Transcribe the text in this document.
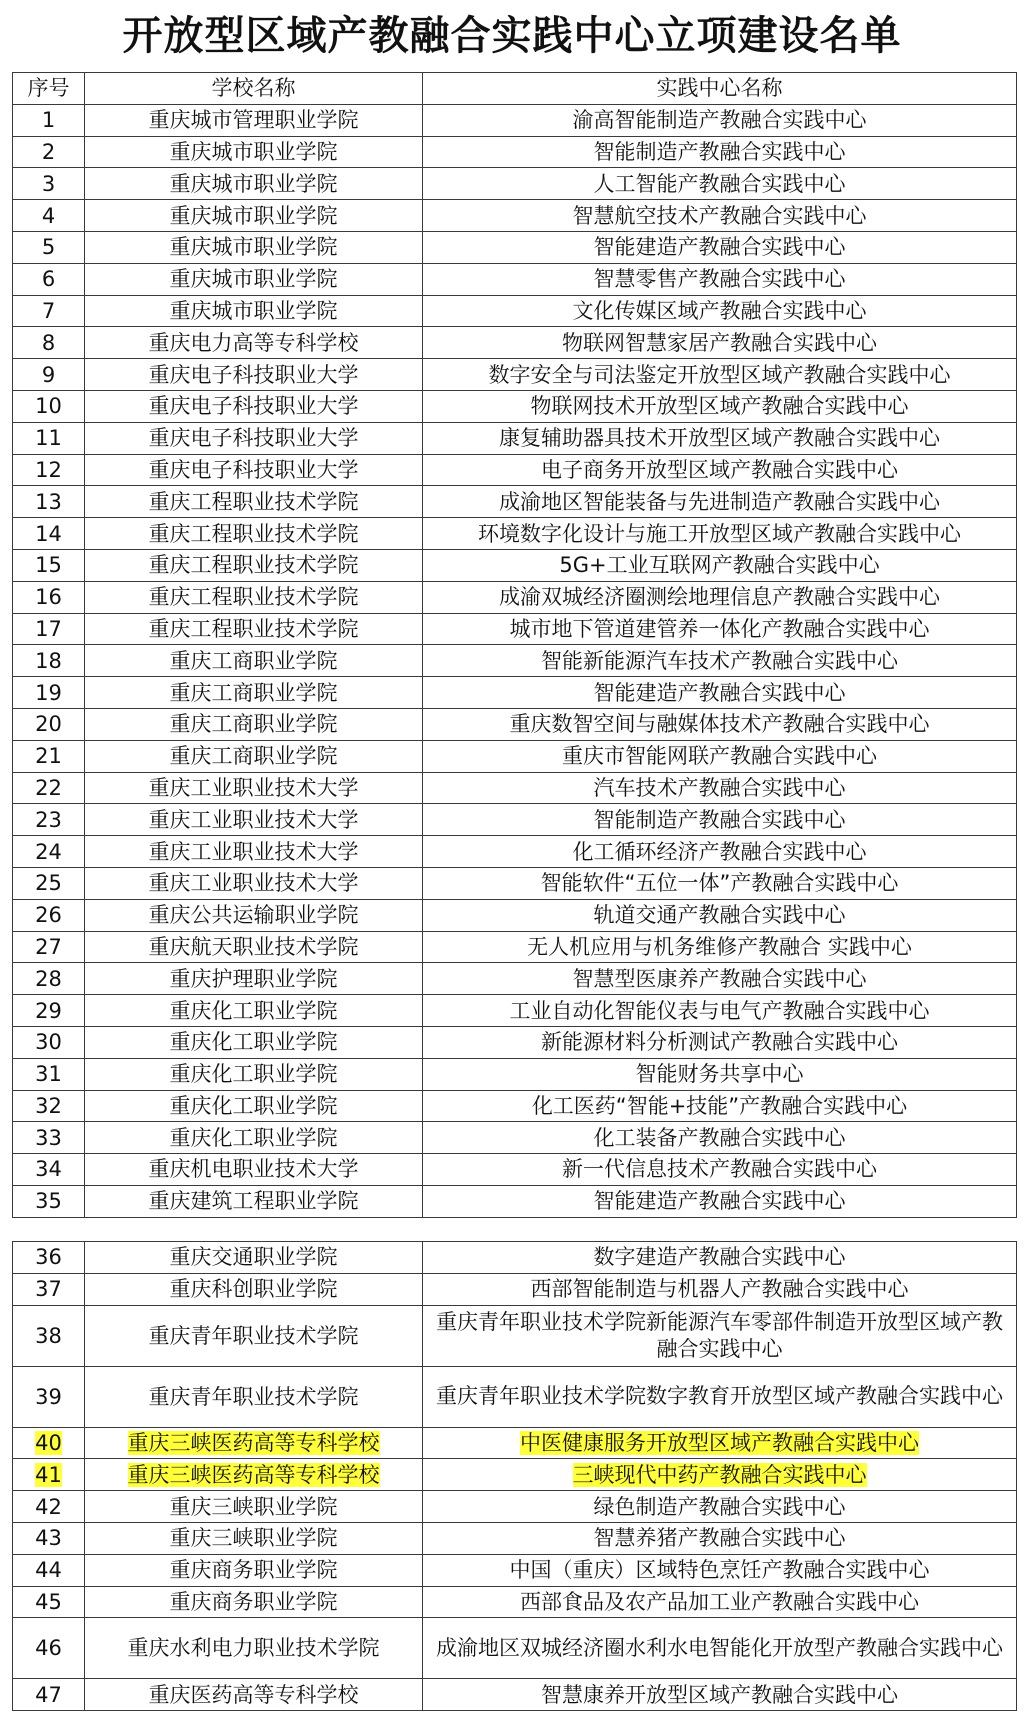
开放型区域产教融合实践中心立项建设名单
序号	学校名称	实践中心名称
1	重庆城市管理职业学院	渝高智能制造产教融合实践中心
2	重庆城市职业学院	智能制造产教融合实践中心
3	重庆城市职业学院	人工智能产教融合实践中心
4	重庆城市职业学院	智慧航空技术产教融合实践中心
5	重庆城市职业学院	智能建造产教融合实践中心
6	重庆城市职业学院	智慧零售产教融合实践中心
7	重庆城市职业学院	文化传媒区域产教融合实践中心
8	重庆电力高等专科学校	物联网智慧家居产教融合实践中心
9	重庆电子科技职业大学	数字安全与司法鉴定开放型区域产教融合实践中心
10	重庆电子科技职业大学	物联网技术开放型区域产教融合实践中心
11	重庆电子科技职业大学	康复辅助器具技术开放型区域产教融合实践中心
12	重庆电子科技职业大学	电子商务开放型区域产教融合实践中心
13	重庆工程职业技术学院	成渝地区智能装备与先进制造产教融合实践中心
14	重庆工程职业技术学院	环境数字化设计与施工开放型区域产教融合实践中心
15	重庆工程职业技术学院	5G+工业互联网产教融合实践中心
16	重庆工程职业技术学院	成渝双城经济圈测绘地理信息产教融合实践中心
17	重庆工程职业技术学院	城市地下管道建管养一体化产教融合实践中心
18	重庆工商职业学院	智能新能源汽车技术产教融合实践中心
19	重庆工商职业学院	智能建造产教融合实践中心
20	重庆工商职业学院	重庆数智空间与融媒体技术产教融合实践中心
21	重庆工商职业学院	重庆市智能网联产教融合实践中心
22	重庆工业职业技术大学	汽车技术产教融合实践中心
23	重庆工业职业技术大学	智能制造产教融合实践中心
24	重庆工业职业技术大学	化工循环经济产教融合实践中心
25	重庆工业职业技术大学	智能软件“五位一体”产教融合实践中心
26	重庆公共运输职业学院	轨道交通产教融合实践中心
27	重庆航天职业技术学院	无人机应用与机务维修产教融合 实践中心
28	重庆护理职业学院	智慧型医康养产教融合实践中心
29	重庆化工职业学院	工业自动化智能仪表与电气产教融合实践中心
30	重庆化工职业学院	新能源材料分析测试产教融合实践中心
31	重庆化工职业学院	智能财务共享中心
32	重庆化工职业学院	化工医药“智能+技能”产教融合实践中心
33	重庆化工职业学院	化工装备产教融合实践中心
34	重庆机电职业技术大学	新一代信息技术产教融合实践中心
35	重庆建筑工程职业学院	智能建造产教融合实践中心
36	重庆交通职业学院	数字建造产教融合实践中心
37	重庆科创职业学院	西部智能制造与机器人产教融合实践中心
38	重庆青年职业技术学院	重庆青年职业技术学院新能源汽车零部件制造开放型区域产教融合实践中心
39	重庆青年职业技术学院	重庆青年职业技术学院数字教育开放型区域产教融合实践中心
40	重庆三峡医药高等专科学校	中医健康服务开放型区域产教融合实践中心
41	重庆三峡医药高等专科学校	三峡现代中药产教融合实践中心
42	重庆三峡职业学院	绿色制造产教融合实践中心
43	重庆三峡职业学院	智慧养猪产教融合实践中心
44	重庆商务职业学院	中国（重庆）区域特色烹饪产教融合实践中心
45	重庆商务职业学院	西部食品及农产品加工业产教融合实践中心
46	重庆水利电力职业技术学院	成渝地区双城经济圈水利水电智能化开放型产教融合实践中心
47	重庆医药高等专科学校	智慧康养开放型区域产教融合实践中心
